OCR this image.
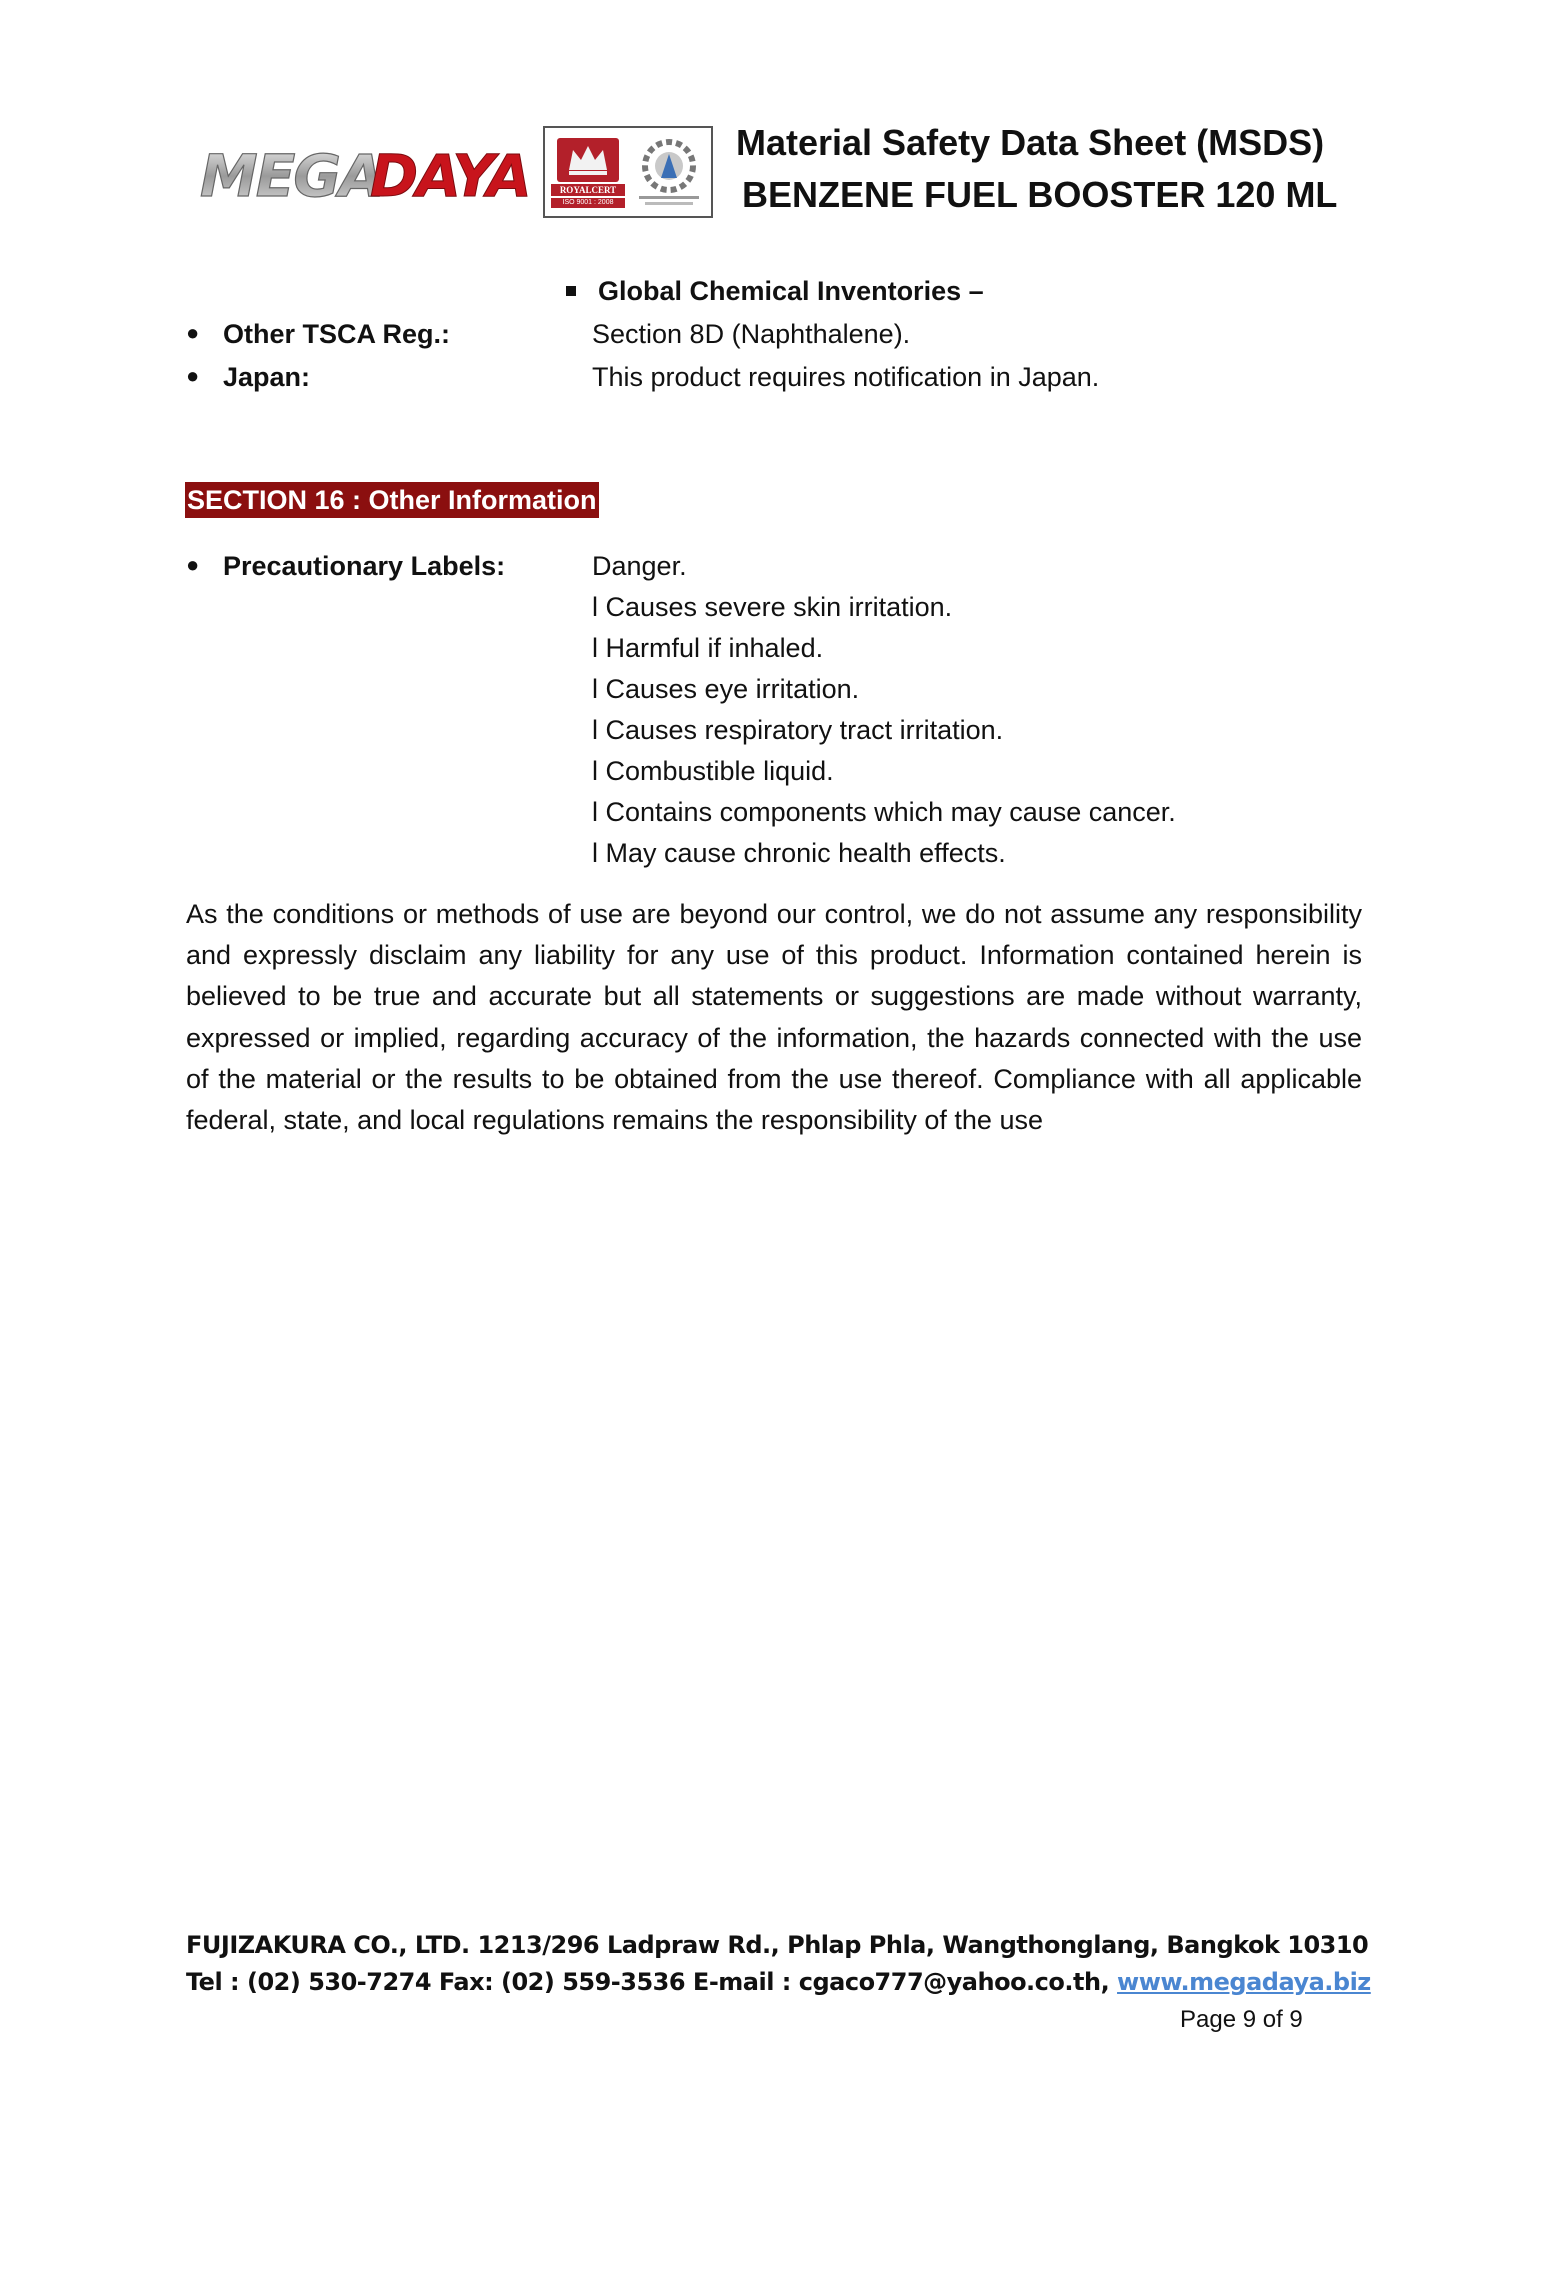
MEGA
DAYA	ROYALCERT
ISO 9001 : 2008
Material Safety Data Sheet (MSDS)
BENZENE FUEL BOOSTER 120 ML
Global Chemical Inventories –
● Other TSCA Reg.:	Section 8D (Naphthalene).
● Japan:	This product requires notification in Japan.
SECTION 16 : Other Information
● Precautionary Labels:	Danger.
l Causes severe skin irritation.
l Harmful if inhaled.
l Causes eye irritation.
l Causes respiratory tract irritation.
l Combustible liquid.
l Contains components which may cause cancer.
l May cause chronic health effects.
As the conditions or methods of use are beyond our control, we do not assume any responsibility and expressly disclaim any liability for any use of this product. Information contained herein is believed to be true and accurate but all statements or suggestions are made without warranty, expressed or implied, regarding accuracy of the information, the hazards connected with the use of the material or the results to be obtained from the use thereof. Compliance with all applicable federal, state, and local regulations remains the responsibility of the use
FUJIZAKURA CO., LTD. 1213/296 Ladpraw Rd., Phlap Phla, Wangthonglang, Bangkok 10310
Tel : (02) 530-7274 Fax: (02) 559-3536 E-mail : cgaco777@yahoo.co.th, www.megadaya.biz
Page 9 of 9
